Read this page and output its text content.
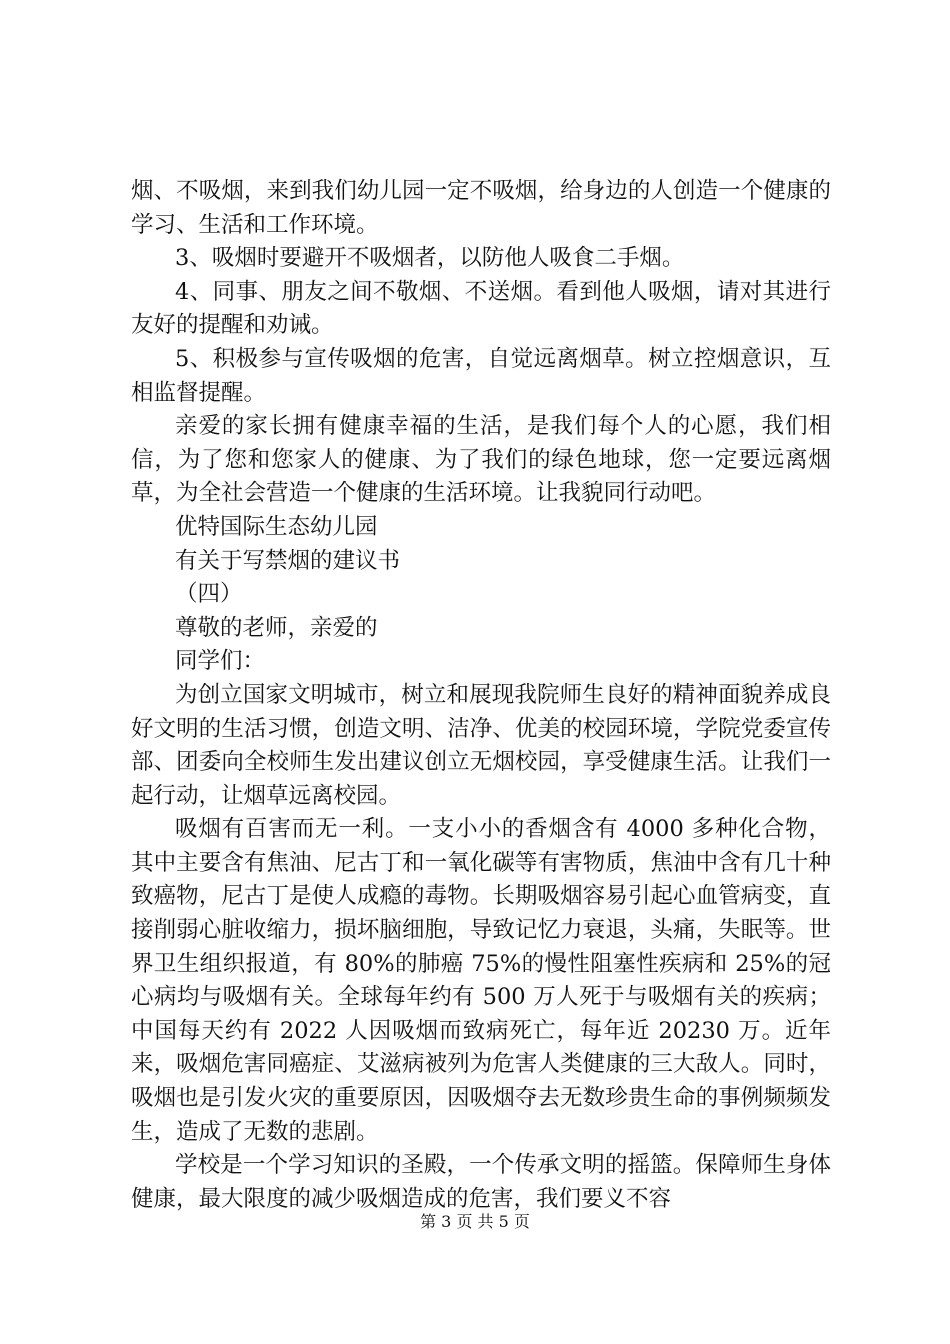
烟、不吸烟，来到我们幼儿园一定不吸烟，给身边的人创造一个健康的学习、生活和工作环境。

3、吸烟时要避开不吸烟者，以防他人吸食二手烟。

4、同事、朋友之间不敬烟、不送烟。看到他人吸烟，请对其进行友好的提醒和劝诫。

5、积极参与宣传吸烟的危害，自觉远离烟草。树立控烟意识，互相监督提醒。

亲爱的家长拥有健康幸福的生活，是我们每个人的心愿，我们相信，为了您和您家人的健康、为了我们的绿色地球，您一定要远离烟草，为全社会营造一个健康的生活环境。让我貌同行动吧。

优特国际生态幼儿园

有关于写禁烟的建议书

（四）

尊敬的老师，亲爱的

同学们：

为创立国家文明城市，树立和展现我院师生良好的精神面貌养成良好文明的生活习惯，创造文明、洁净、优美的校园环境，学院党委宣传部、团委向全校师生发出建议创立无烟校园，享受健康生活。让我们一起行动，让烟草远离校园。

吸烟有百害而无一利。一支小小的香烟含有 4000 多种化合物，其中主要含有焦油、尼古丁和一氧化碳等有害物质，焦油中含有几十种致癌物，尼古丁是使人成瘾的毒物。长期吸烟容易引起心血管病变，直接削弱心脏收缩力，损坏脑细胞，导致记忆力衰退，头痛，失眠等。世界卫生组织报道，有 80%的肺癌 75%的慢性阻塞性疾病和 25%的冠心病均与吸烟有关。全球每年约有 500 万人死于与吸烟有关的疾病；中国每天约有 2022 人因吸烟而致病死亡，每年近 20230 万。近年来，吸烟危害同癌症、艾滋病被列为危害人类健康的三大敌人。同时，吸烟也是引发火灾的重要原因，因吸烟夺去无数珍贵生命的事例频频发生，造成了无数的悲剧。

学校是一个学习知识的圣殿，一个传承文明的摇篮。保障师生身体健康，最大限度的减少吸烟造成的危害，我们要义不容

第 3 页 共 5 页
